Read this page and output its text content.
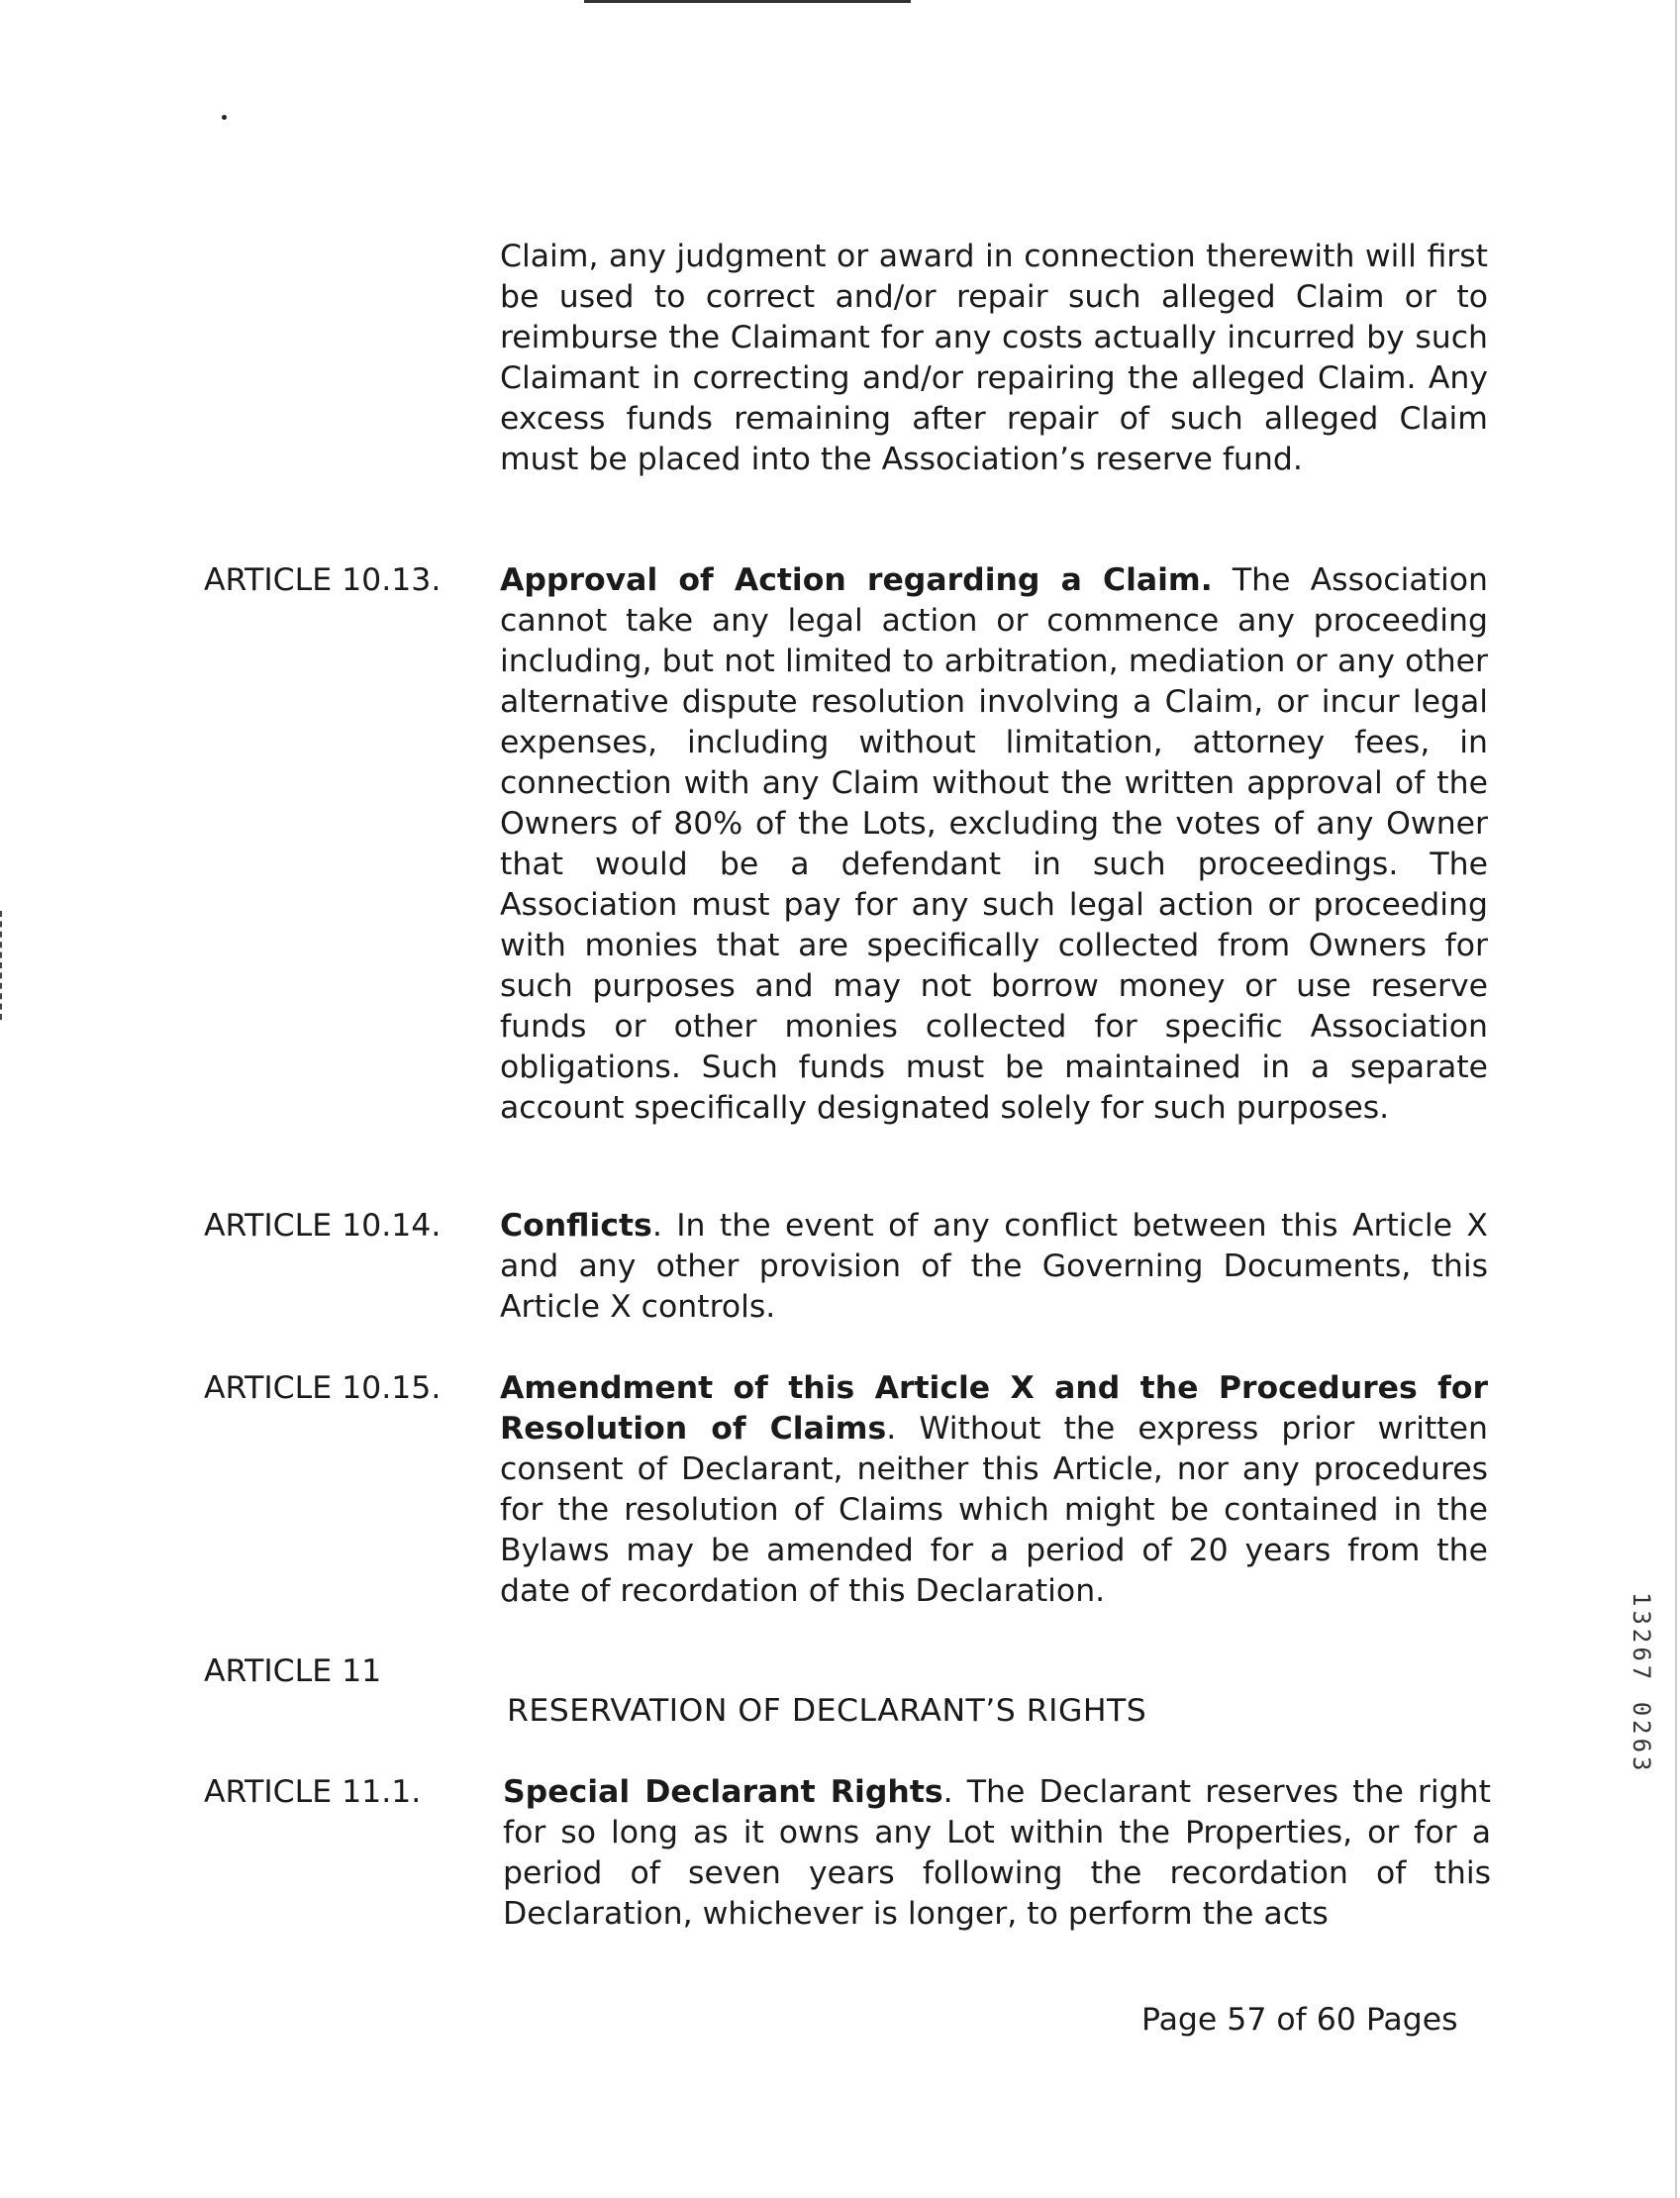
Claim, any judgment or award in connection therewith will first be used to correct and/or repair such alleged Claim or to reimburse the Claimant for any costs actually incurred by such Claimant in correcting and/or repairing the alleged Claim. Any excess funds remaining after repair of such alleged Claim must be placed into the Association’s reserve fund.
ARTICLE 10.13. Approval of Action regarding a Claim. The Association cannot take any legal action or commence any proceeding including, but not limited to arbitration, mediation or any other alternative dispute resolution involving a Claim, or incur legal expenses, including without limitation, attorney fees, in connection with any Claim without the written approval of the Owners of 80% of the Lots, excluding the votes of any Owner that would be a defendant in such proceedings. The Association must pay for any such legal action or proceeding with monies that are specifically collected from Owners for such purposes and may not borrow money or use reserve funds or other monies collected for specific Association obligations. Such funds must be maintained in a separate account specifically designated solely for such purposes.
ARTICLE 10.14. Conflicts. In the event of any conflict between this Article X and any other provision of the Governing Documents, this Article X controls.
ARTICLE 10.15. Amendment of this Article X and the Procedures for Resolution of Claims. Without the express prior written consent of Declarant, neither this Article, nor any procedures for the resolution of Claims which might be contained in the Bylaws may be amended for a period of 20 years from the date of recordation of this Declaration.
ARTICLE 11
RESERVATION OF DECLARANT’S RIGHTS
ARTICLE 11.1.	Special Declarant Rights. The Declarant reserves the right for so long as it owns any Lot within the Properties, or for a period of seven years following the recordation of this Declaration, whichever is longer, to perform the acts
13267 0263
Page 57 of 60 Pages
